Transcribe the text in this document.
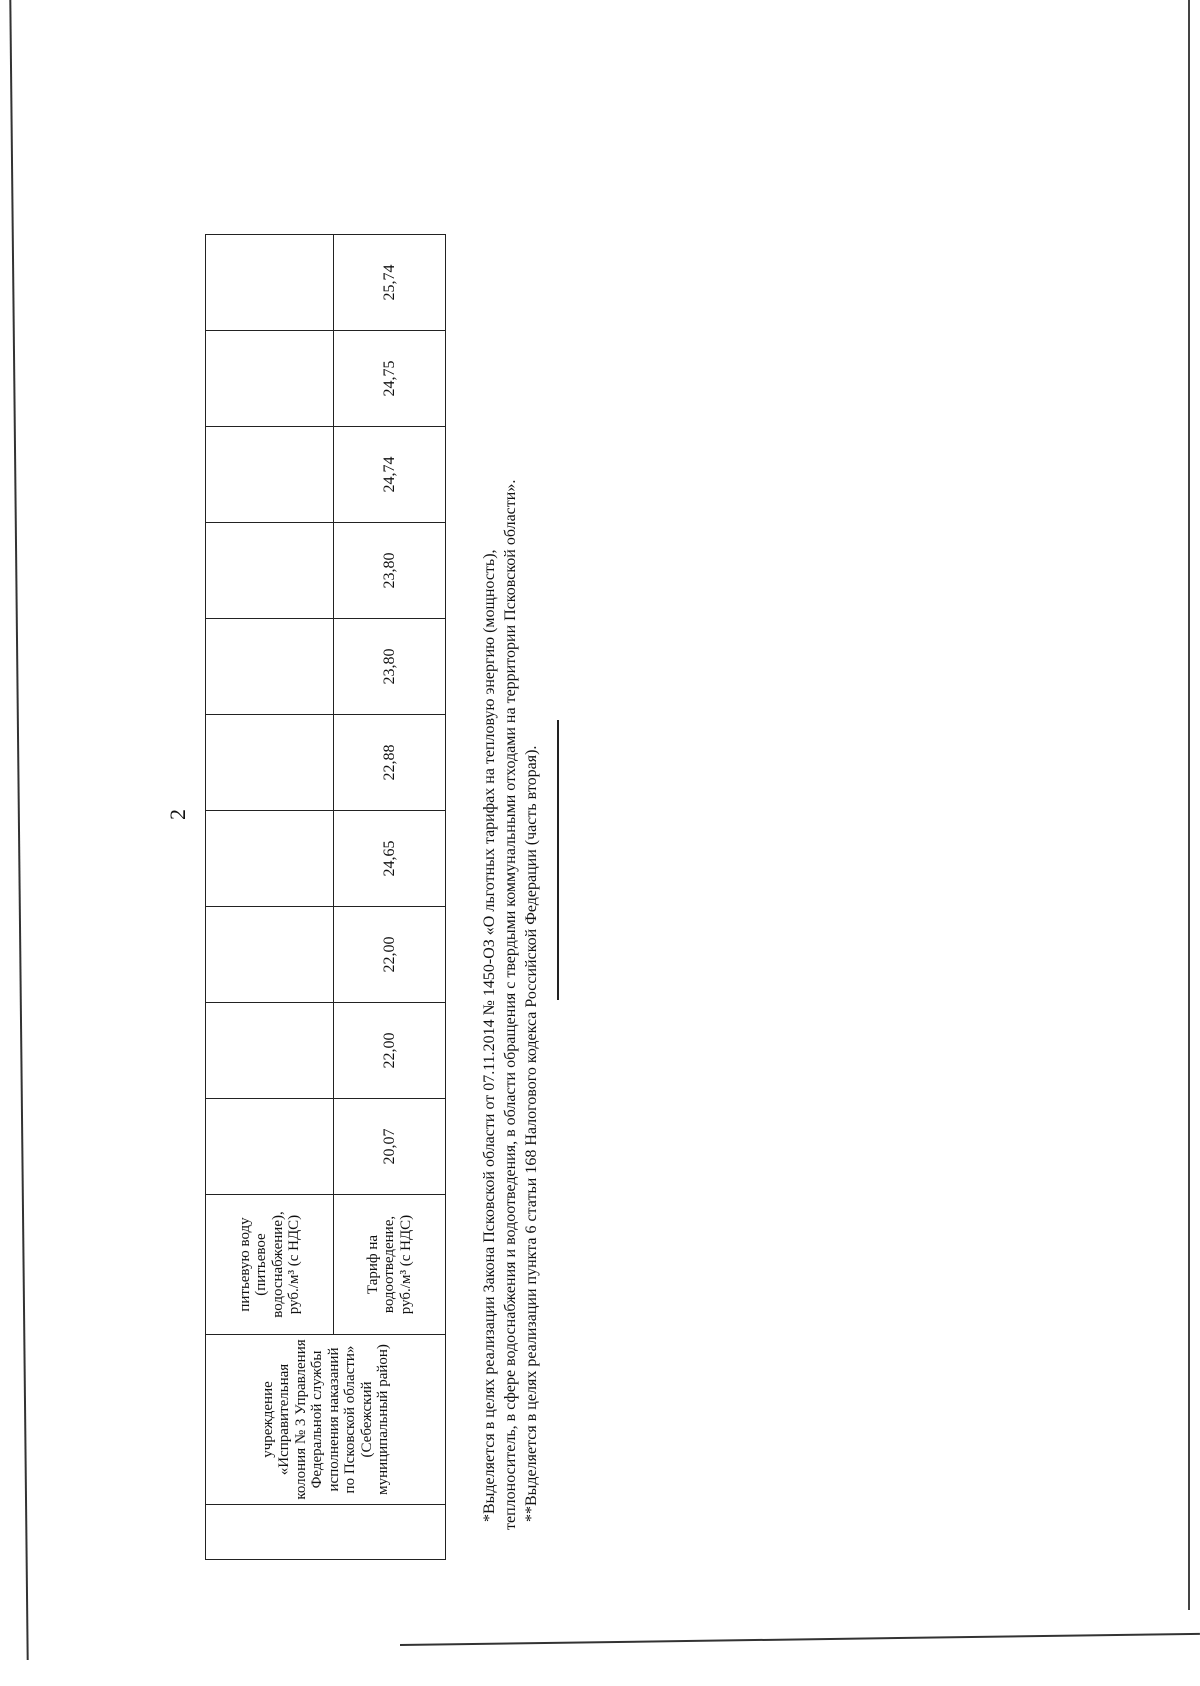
2
	учреждение «Исправительная колония № 3 Управления Федеральной службы исполнения наказаний по Псковской области» (Себежский муниципальный район)	питьевую воду (питьевое водоснабжение), руб./м³ (с НДС)										
		Тариф на водоотведение, руб./м³ (с НДС)	20,07	22,00	22,00	24,65	22,88	23,80	23,80	24,74	24,75	25,74

*Выделяется в целях реализации Закона Псковской области от 07.11.2014 № 1450-ОЗ «О льготных тарифах на тепловую энергию (мощность), теплоноситель, в сфере водоснабжения и водоотведения, в области обращения с твердыми коммунальными отходами на территории Псковской области». **Выделяется в целях реализации пункта 6 статьи 168 Налогового кодекса Российской Федерации (часть вторая).
